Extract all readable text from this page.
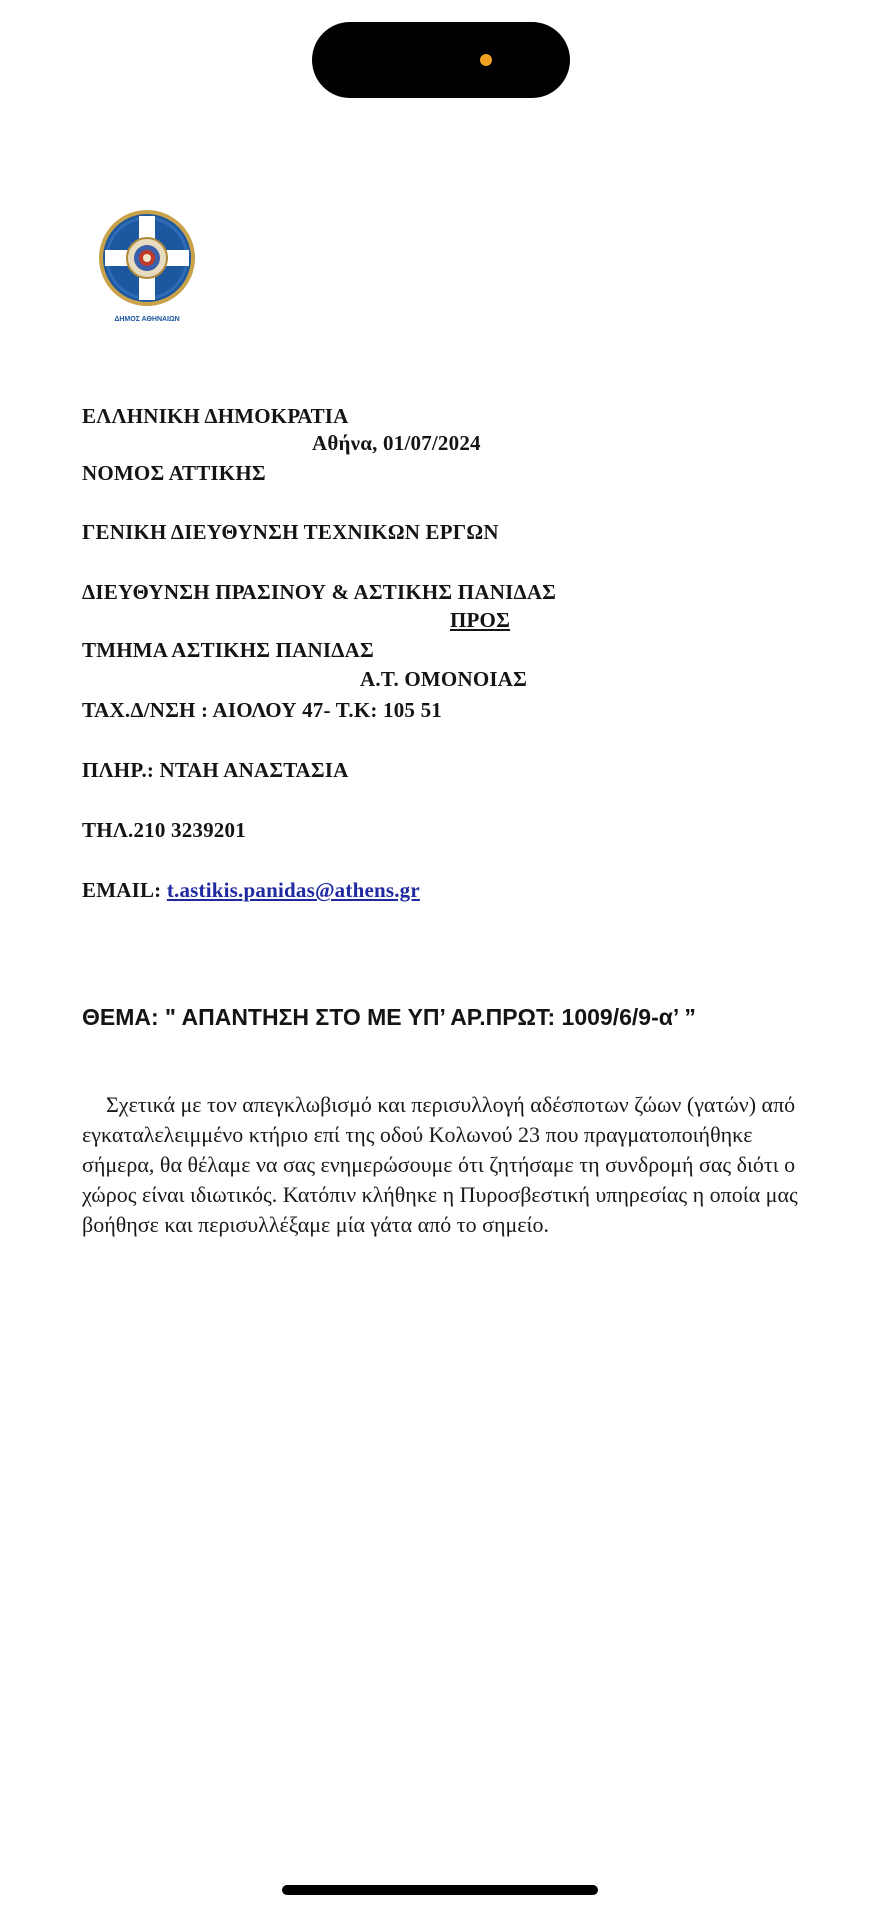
ΔΗΜΟΣ ΑΘΗΝΑΙΩΝ
ΕΛΛΗΝΙΚΗ ΔΗΜΟΚΡΑΤΙΑ
Αθήνα, 01/07/2024
ΝΟΜΟΣ ΑΤΤΙΚΗΣ
ΓΕΝΙΚΗ ΔΙΕΥΘΥΝΣΗ ΤΕΧΝΙΚΩΝ ΕΡΓΩΝ
ΔΙΕΥΘΥΝΣΗ ΠΡΑΣΙΝΟΥ & ΑΣΤΙΚΗΣ ΠΑΝΙΔΑΣ
ΠΡΟΣ
ΤΜΗΜΑ ΑΣΤΙΚΗΣ ΠΑΝΙΔΑΣ
Α.Τ. ΟΜΟΝΟΙΑΣ
ΤΑΧ.Δ/ΝΣΗ : ΑΙΟΛΟΥ 47- Τ.Κ: 105 51
ΠΛΗΡ.: ΝΤΑΗ ΑΝΑΣΤΑΣΙΑ
ΤΗΛ.210 3239201
EMAIL: t.astikis.panidas@athens.gr
ΘΕΜΑ: " ΑΠΑΝΤΗΣΗ ΣΤΟ ΜΕ ΥΠ’ ΑΡ.ΠΡΩΤ: 1009/6/9-α’ ”
Σχετικά με τον απεγκλωβισμό και περισυλλογή αδέσποτων ζώων (γατών) από εγκαταλελειμμένο κτήριο επί της οδού Κολωνού 23 που πραγματοποιήθηκε σήμερα, θα θέλαμε να σας ενημερώσουμε ότι ζητήσαμε τη συνδρομή σας διότι ο χώρος είναι ιδιωτικός. Κατόπιν κλήθηκε η Πυροσβεστική υπηρεσίας η οποία μας βοήθησε και περισυλλέξαμε μία γάτα από το σημείο.
